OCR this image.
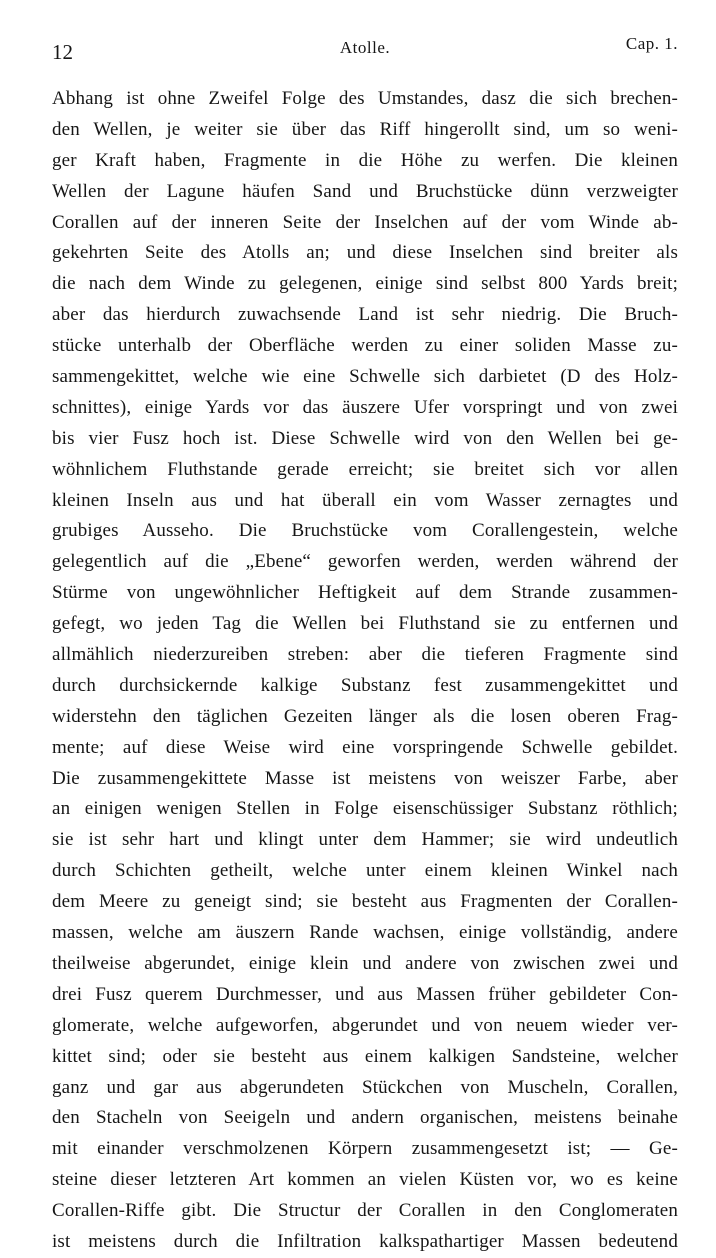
12	Atolle.	Cap. 1.
Abhang ist ohne Zweifel Folge des Umstandes, dasz die sich brechen-
den Wellen, je weiter sie über das Riff hingerollt sind, um so weni-
ger Kraft haben, Fragmente in die Höhe zu werfen. Die kleinen
Wellen der Lagune häufen Sand und Bruchstücke dünn verzweigter
Corallen auf der inneren Seite der Inselchen auf der vom Winde ab-
gekehrten Seite des Atolls an; und diese Inselchen sind breiter als
die nach dem Winde zu gelegenen, einige sind selbst 800 Yards breit;
aber das hierdurch zuwachsende Land ist sehr niedrig. Die Bruch-
stücke unterhalb der Oberfläche werden zu einer soliden Masse zu-
sammengekittet, welche wie eine Schwelle sich darbietet (D des Holz-
schnittes), einige Yards vor das äuszere Ufer vorspringt und von zwei
bis vier Fusz hoch ist. Diese Schwelle wird von den Wellen bei ge-
wöhnlichem Fluthstande gerade erreicht; sie breitet sich vor allen
kleinen Inseln aus und hat überall ein vom Wasser zernagtes und
grubiges Ausseho. Die Bruchstücke vom Corallengestein, welche
gelegentlich auf die „Ebene“ geworfen werden, werden während der
Stürme von ungewöhnlicher Heftigkeit auf dem Strande zusammen-
gefegt, wo jeden Tag die Wellen bei Fluthstand sie zu entfernen und
allmählich niederzureiben streben: aber die tieferen Fragmente sind
durch durchsickernde kalkige Substanz fest zusammengekittet und
widerstehn den täglichen Gezeiten länger als die losen oberen Frag-
mente; auf diese Weise wird eine vorspringende Schwelle gebildet.
Die zusammengekittete Masse ist meistens von weiszer Farbe, aber
an einigen wenigen Stellen in Folge eisenschüssiger Substanz röthlich;
sie ist sehr hart und klingt unter dem Hammer; sie wird undeutlich
durch Schichten getheilt, welche unter einem kleinen Winkel nach
dem Meere zu geneigt sind; sie besteht aus Fragmenten der Corallen-
massen, welche am äuszern Rande wachsen, einige vollständig, andere
theilweise abgerundet, einige klein und andere von zwischen zwei und
drei Fusz querem Durchmesser, und aus Massen früher gebildeter Con-
glomerate, welche aufgeworfen, abgerundet und von neuem wieder ver-
kittet sind; oder sie besteht aus einem kalkigen Sandsteine, welcher
ganz und gar aus abgerundeten Stückchen von Muscheln, Corallen,
den Stacheln von Seeigeln und andern organischen, meistens beinahe
mit einander verschmolzenen Körpern zusammengesetzt ist; — Ge-
steine dieser letzteren Art kommen an vielen Küsten vor, wo es keine
Corallen-Riffe gibt. Die Structur der Corallen in den Conglomeraten
ist meistens durch die Infiltration kalkspathartiger Massen bedeutend
